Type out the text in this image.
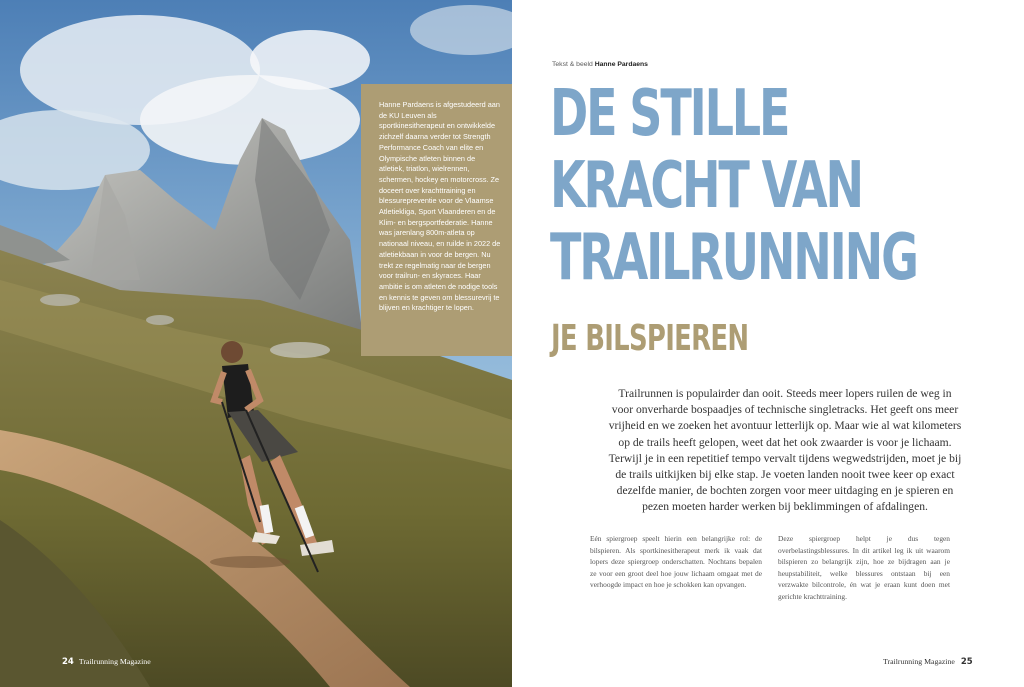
Hanne Pardaens is afgestudeerd aan de KU Leuven als sportkinesitherapeut en ontwikkelde zichzelf daarna verder tot Strength Performance Coach van elite en Olympische atleten binnen de atletiek, triatlon, wielrennen, schermen, hockey en motorcross. Ze doceert over krachttraining en blessurepreventie voor de Vlaamse Atletiekliga, Sport Vlaanderen en de Klim- en bergsportfederatie. Hanne was jarenlang 800m-atleta op nationaal niveau, en ruilde in 2022 de atletiekbaan in voor de bergen. Nu trekt ze regelmatig naar de bergen voor trailrun- en skyraces. Haar ambitie is om atleten de nodige tools en kennis te geven om blessurevrij te blijven en krachtiger te lopen.

24 Trailrunning Magazine
Tekst & beeld Hanne Pardaens
DE STILLE
KRACHT VAN
TRAILRUNNING
JE BILSPIEREN

Trailrunnen is populairder dan ooit. Steeds meer lopers ruilen de weg in voor onverharde bospaadjes of technische singletracks. Het geeft ons meer vrijheid en we zoeken het avontuur letterlijk op. Maar wie al wat kilometers op de trails heeft gelopen, weet dat het ook zwaarder is voor je lichaam. Terwijl je in een repetitief tempo vervalt tijdens wegwedstrijden, moet je bij de trails uitkijken bij elke stap. Je voeten landen nooit twee keer op exact dezelfde manier, de bochten zorgen voor meer uitdaging en je spieren en pezen moeten harder werken bij beklimmingen of afdalingen.

Eén spiergroep speelt hierin een belangrijke rol: de bilspieren. Als sportkinesitherapeut merk ik vaak dat lopers deze spiergroep onderschatten. Nochtans bepalen ze voor een groot deel hoe jouw lichaam omgaat met de verhoogde impact en hoe je schokken kan opvangen.

Deze spiergroep helpt je dus tegen overbelastingsblessures. In dit artikel leg ik uit waarom bilspieren zo belangrijk zijn, hoe ze bijdragen aan je heupstabiliteit, welke blessures ontstaan bij een verzwakte bilcontrole, én wat je eraan kunt doen met gerichte krachttraining.

Trailrunning Magazine 25
